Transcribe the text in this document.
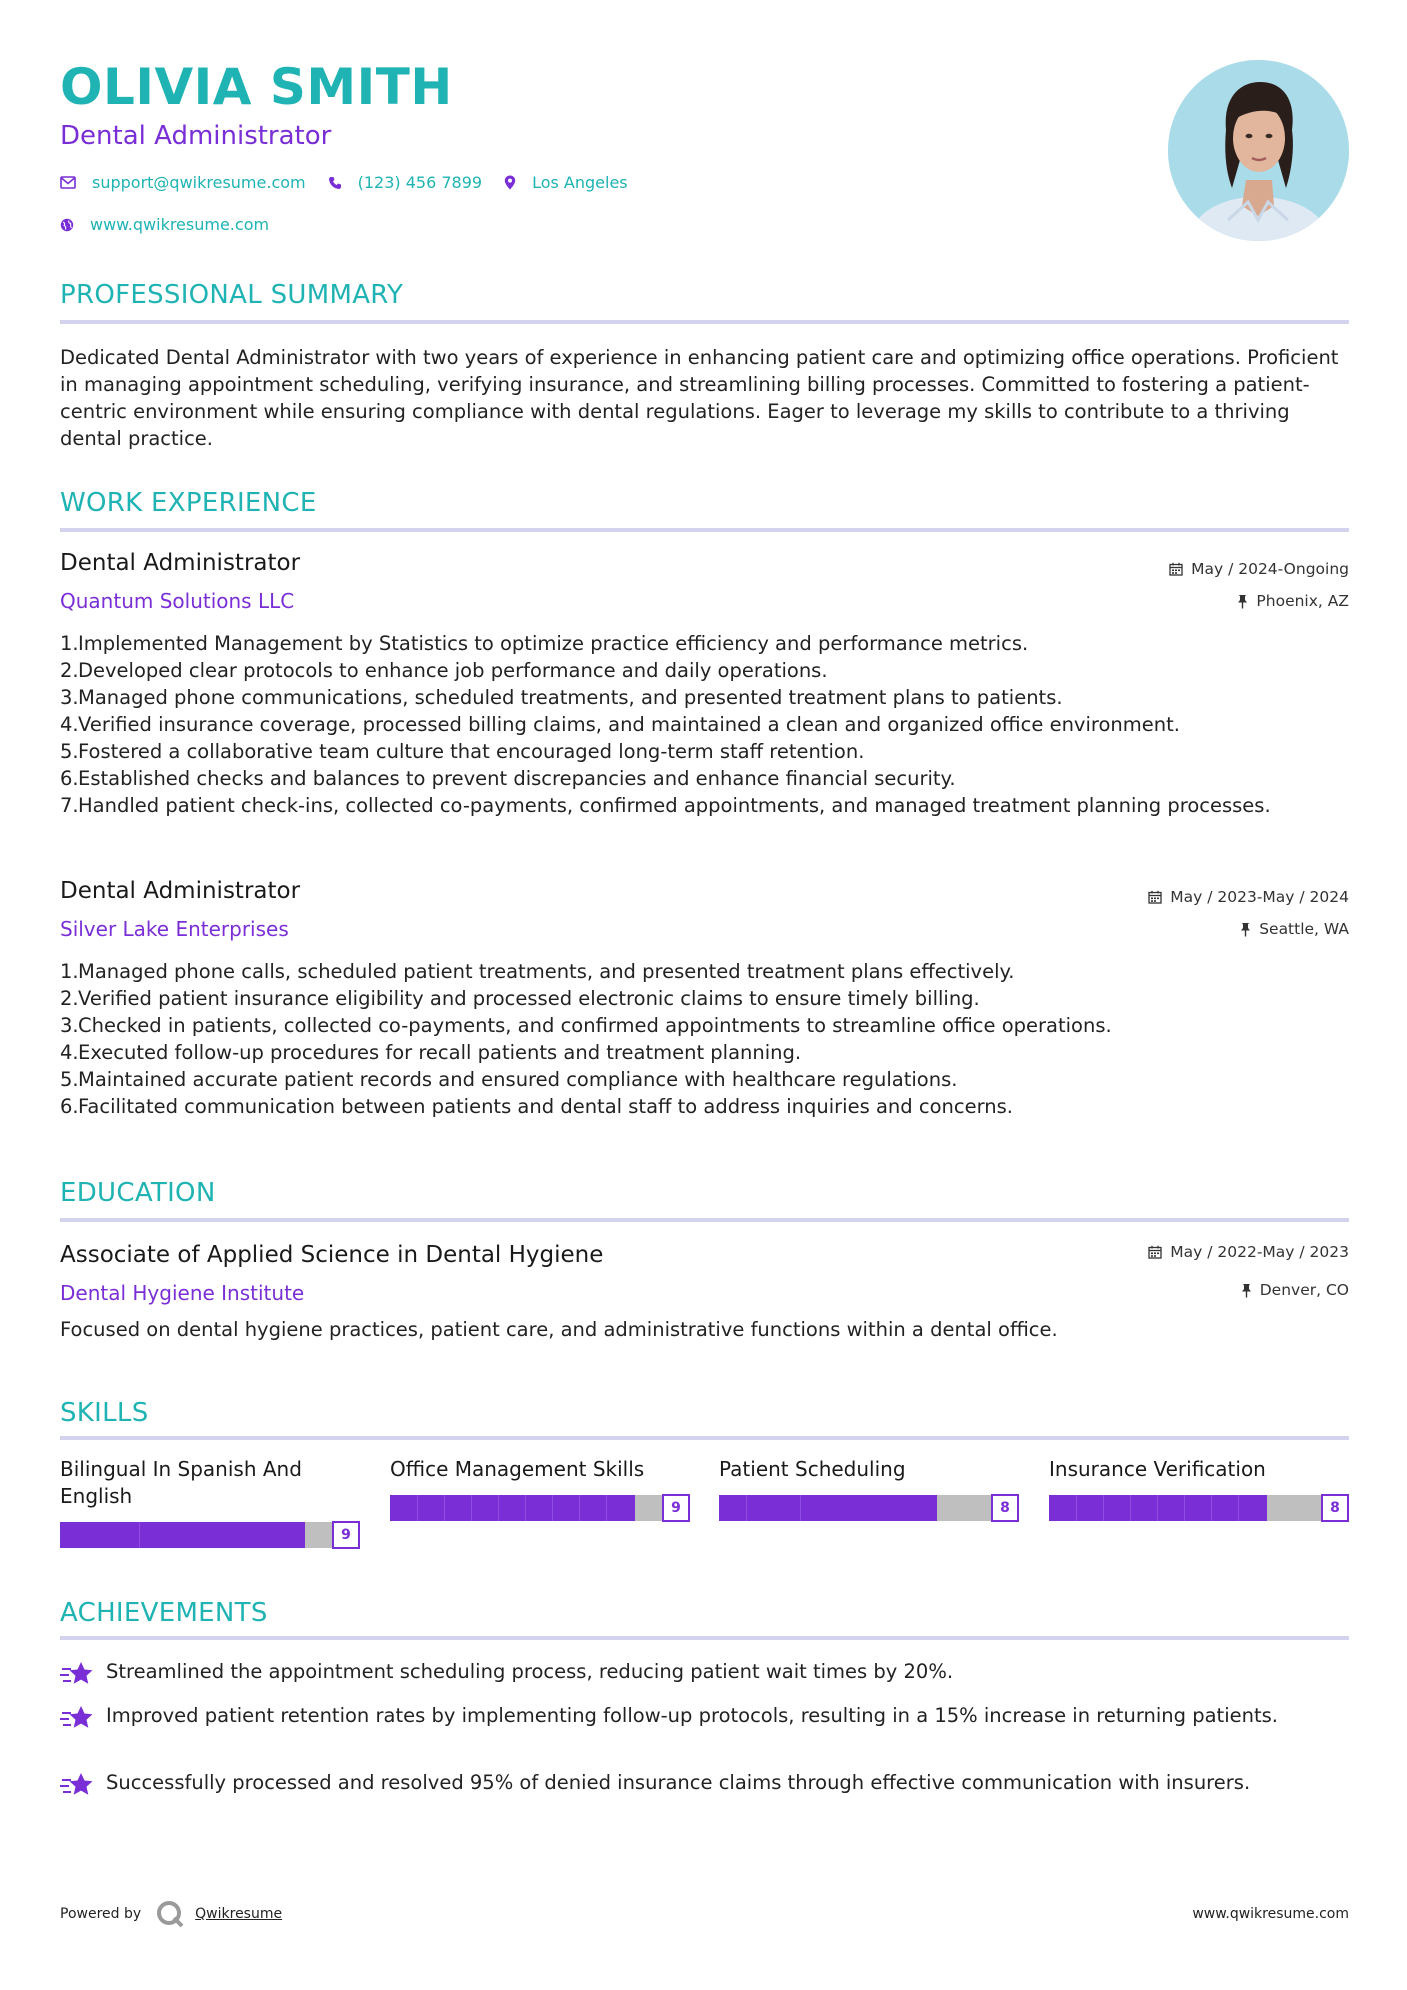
OLIVIA SMITH
Dental Administrator
support@qwikresume.com	(123) 456 7899	Los Angeles
www.qwikresume.com
PROFESSIONAL SUMMARY
Dedicated Dental Administrator with two years of experience in enhancing patient care and optimizing office operations. Proficient in managing appointment scheduling, verifying insurance, and streamlining billing processes. Committed to fostering a patient-centric environment while ensuring compliance with dental regulations. Eager to leverage my skills to contribute to a thriving dental practice.
WORK EXPERIENCE
Dental Administrator
Quantum Solutions LLC
May / 2024-Ongoing
Phoenix, AZ
1. Implemented Management by Statistics to optimize practice efficiency and performance metrics.
2. Developed clear protocols to enhance job performance and daily operations.
3. Managed phone communications, scheduled treatments, and presented treatment plans to patients.
4. Verified insurance coverage, processed billing claims, and maintained a clean and organized office environment.
5. Fostered a collaborative team culture that encouraged long-term staff retention.
6. Established checks and balances to prevent discrepancies and enhance financial security.
7. Handled patient check-ins, collected co-payments, confirmed appointments, and managed treatment planning processes.
Dental Administrator
Silver Lake Enterprises
May / 2023-May / 2024
Seattle, WA
1. Managed phone calls, scheduled patient treatments, and presented treatment plans effectively.
2. Verified patient insurance eligibility and processed electronic claims to ensure timely billing.
3. Checked in patients, collected co-payments, and confirmed appointments to streamline office operations.
4. Executed follow-up procedures for recall patients and treatment planning.
5. Maintained accurate patient records and ensured compliance with healthcare regulations.
6. Facilitated communication between patients and dental staff to address inquiries and concerns.
EDUCATION
Associate of Applied Science in Dental Hygiene
Dental Hygiene Institute
May / 2022-May / 2023
Denver, CO
Focused on dental hygiene practices, patient care, and administrative functions within a dental office.
SKILLS
Bilingual In Spanish And English
9
Office Management Skills
9
Patient Scheduling
8
Insurance Verification
8
ACHIEVEMENTS
Streamlined the appointment scheduling process, reducing patient wait times by 20%.
Improved patient retention rates by implementing follow-up protocols, resulting in a 15% increase in returning patients.
Successfully processed and resolved 95% of denied insurance claims through effective communication with insurers.
Powered by	Qwikresume	www.qwikresume.com
